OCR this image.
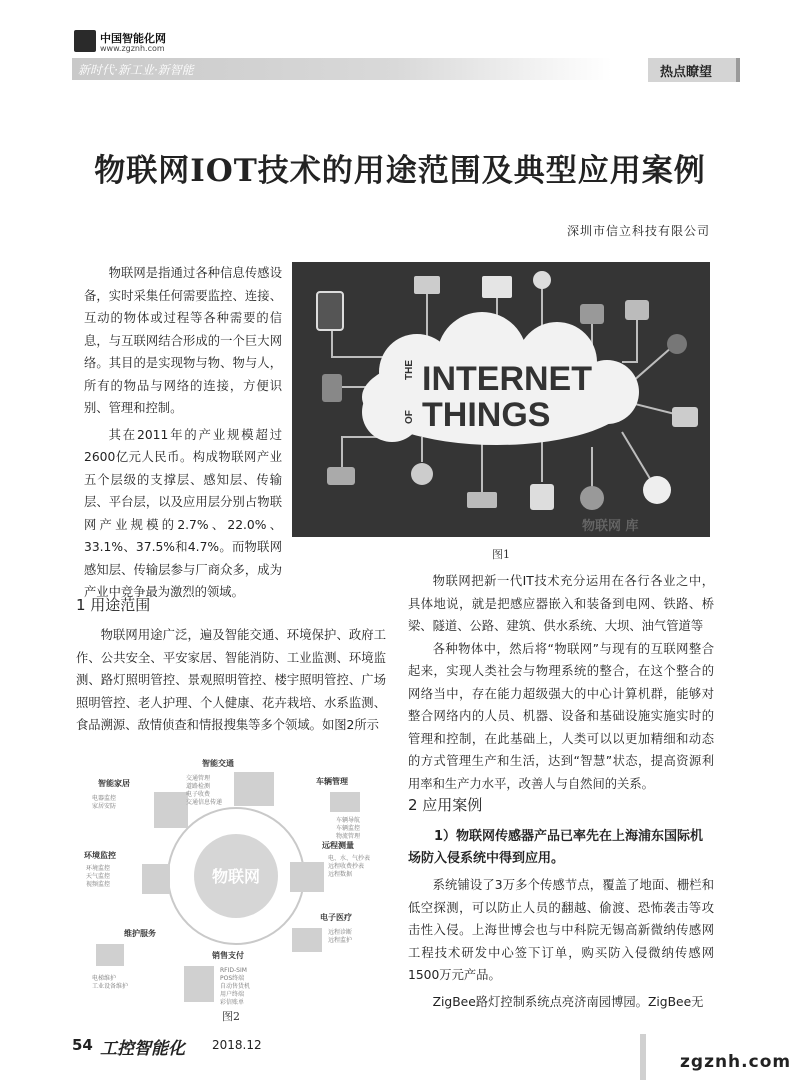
中国智能化网
www.zgznh.com
新时代·新工业·新智能	热点瞭望
物联网IOT技术的用途范围及典型应用案例
深圳市信立科技有限公司

物联网是指通过各种信息传感设备，实时采集任何需要监控、连接、互动的物体或过程等各种需要的信息，与互联网结合形成的一个巨大网络。其目的是实现物与物、物与人，所有的物品与网络的连接，方便识别、管理和控制。

其在2011年的产业规模超过2600亿元人民币。构成物联网产业五个层级的支撑层、感知层、传输层、平台层，以及应用层分别占物联网产业规模的2.7%、22.0%、33.1%、37.5%和4.7%。而物联网感知层、传输层参与厂商众多，成为产业中竞争最为激烈的领域。

THE INTERNET
OF THINGS
物联网 库
图1
1 用途范围

物联网用途广泛，遍及智能交通、环境保护、政府工作、公共安全、平安家居、智能消防、工业监测、环境监测、路灯照明管控、景观照明管控、楼宇照明管控、广场照明管控、老人护理、个人健康、花卉栽培、水系监测、食品溯源、敌情侦查和情报搜集等多个领域。如图2所示

物联网
智能交通
车辆管理
远程测量
电子医疗
销售支付
维护服务
环境监控
智能家居
交通管理道路检测电子收费交通信息传递
车辆导航车辆监控物流管理
电、水、气抄表远程收费抄表远程数据
远程诊断远程监护
RFID-SIM POS终端自动售货机用户终端彩信账单
电梯维护工业设备维护
环境监控天气监控视频监控
电器监控家居安防
图2

物联网把新一代IT技术充分运用在各行各业之中，具体地说，就是把感应器嵌入和装备到电网、铁路、桥梁、隧道、公路、建筑、供水系统、大坝、油气管道等

各种物体中，然后将“物联网”与现有的互联网整合起来，实现人类社会与物理系统的整合，在这个整合的网络当中，存在能力超级强大的中心计算机群，能够对整合网络内的人员、机器、设备和基础设施实施实时的管理和控制，在此基础上，人类可以以更加精细和动态的方式管理生产和生活，达到“智慧”状态，提高资源利用率和生产力水平，改善人与自然间的关系。

2 应用案例

1）物联网传感器产品已率先在上海浦东国际机场防入侵系统中得到应用。

系统铺设了3万多个传感节点，覆盖了地面、栅栏和低空探测，可以防止人员的翻越、偷渡、恐怖袭击等攻击性入侵。上海世博会也与中科院无锡高新微纳传感网工程技术研发中心签下订单，购买防入侵微纳传感网1500万元产品。

ZigBee路灯控制系统点亮济南园博园。ZigBee无

54 工控智能化 2018.12
zgznh.com
